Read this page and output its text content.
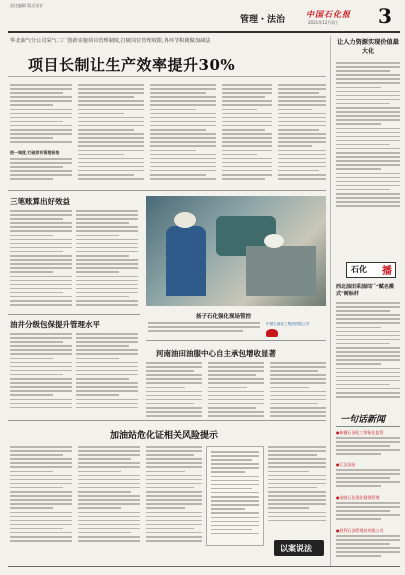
责任编辑 版式设计
管理・法治
中国石化报
2021年12月3日	3
华北油气分公司采气二厂创新实施项目管理制度,打破岗位管理权限,各环节积极做加减法
项目长制让生产效率提升30%
统一调度,打破原有管理桎梏
让人力资源实现价值最大化
石化 播
西北油田采油四厂“赋名模式”树标杆
一句话新闻
●新疆石油化工智能化监管
●江汉油田
●金陵石化强化精细管理
●胜利石油管理局有限公司
三笔账算出好效益
油井分级包保提升管理水平
扬子石化强化现场管控
中国石油化工集团有限公司
河南油田油服中心自主承包增收显著
加油站危化证相关风险提示
以案说法
